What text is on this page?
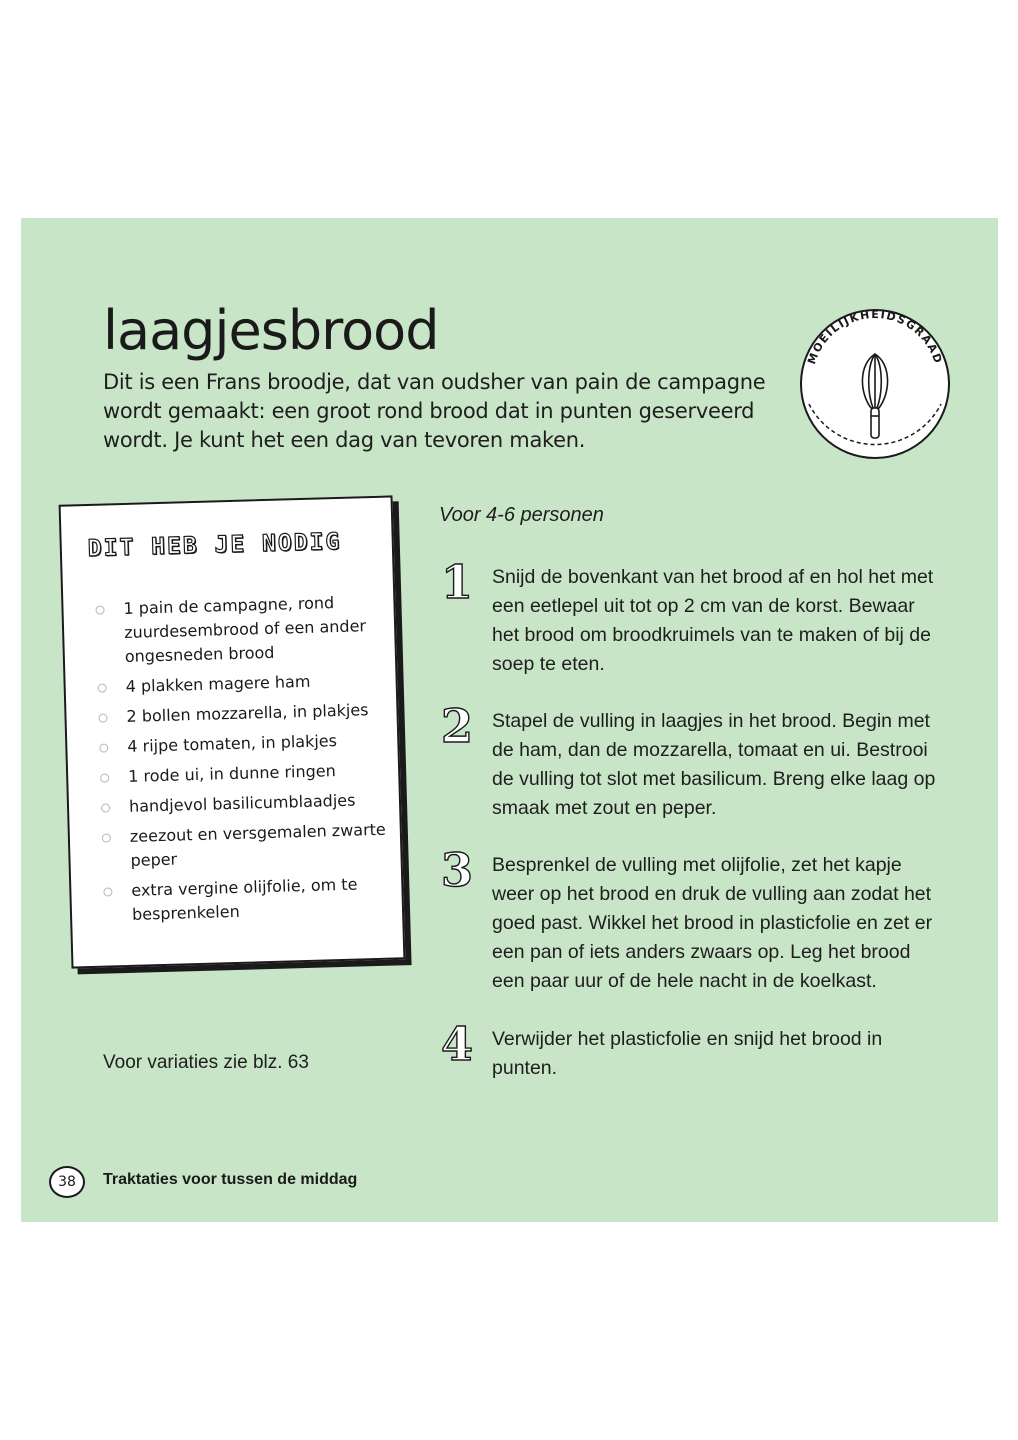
laagjesbrood

Dit is een Frans broodje, dat van oudsher van pain de campagne wordt gemaakt: een groot rond brood dat in punten geserveerd wordt. Je kunt het een dag van tevoren maken.

MOEILIJKHEIDSGRAAD
DIT HEB JE NODIG
1 pain de campagne, rond zuurdesembrood of een ander ongesneden brood
4 plakken magere ham
2 bollen mozzarella, in plakjes
4 rijpe tomaten, in plakjes
1 rode ui, in dunne ringen
handjevol basilicumblaadjes
zeezout en versgemalen zwarte peper
extra vergine olijfolie, om te besprenkelen

Voor variaties zie blz. 63

Voor 4-6 personen

1 Snijd de bovenkant van het brood af en hol het met een eetlepel uit tot op 2 cm van de korst. Bewaar het brood om broodkruimels van te maken of bij de soep te eten.

2 Stapel de vulling in laagjes in het brood. Begin met de ham, dan de mozzarella, tomaat en ui. Bestrooi de vulling tot slot met basilicum. Breng elke laag op smaak met zout en peper.

3 Besprenkel de vulling met olijfolie, zet het kapje weer op het brood en druk de vulling aan zodat het goed past. Wikkel het brood in plasticfolie en zet er een pan of iets anders zwaars op. Leg het brood een paar uur of de hele nacht in de koelkast.

4 Verwijder het plasticfolie en snijd het brood in punten.

38	Traktaties voor tussen de middag
